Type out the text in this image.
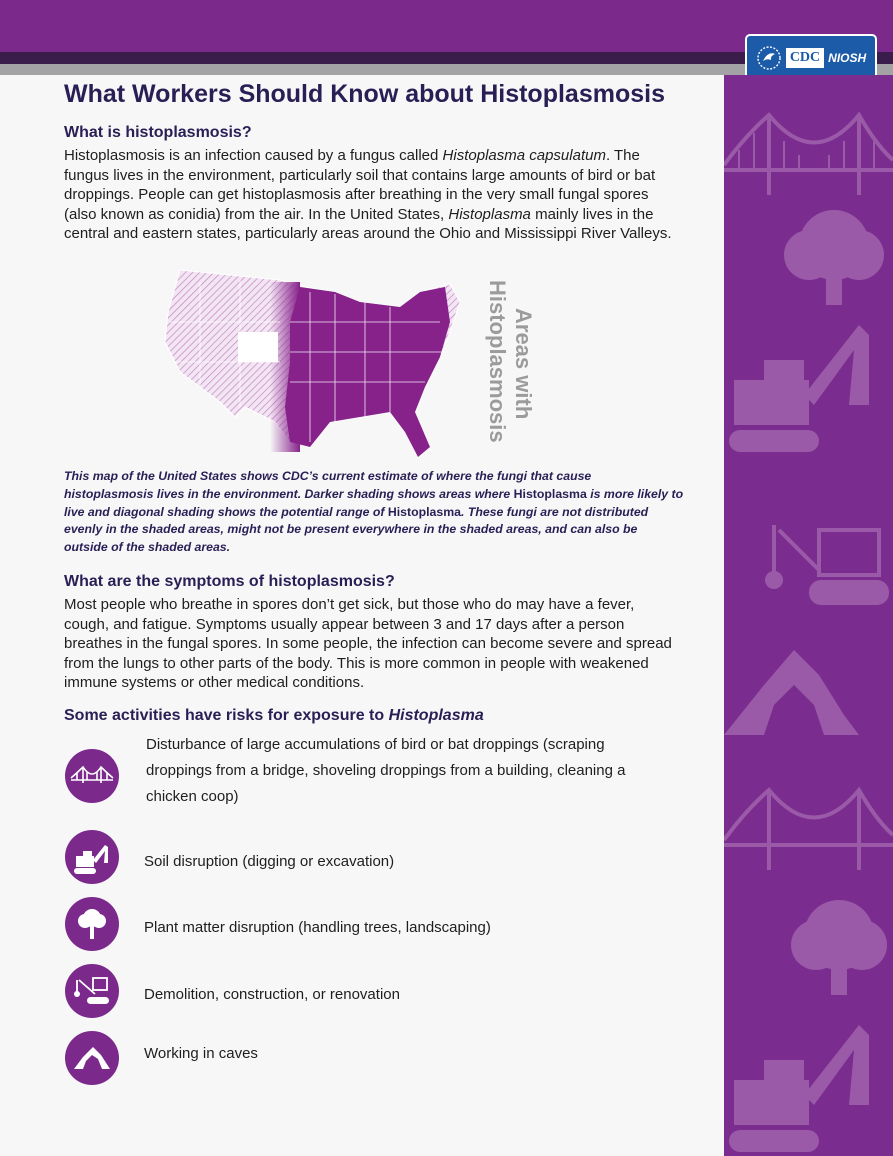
CDC NIOSH
What Workers Should Know about Histoplasmosis
What is histoplasmosis?

Histoplasmosis is an infection caused by a fungus called Histoplasma capsulatum. The fungus lives in the environment, particularly soil that contains large amounts of bird or bat droppings. People can get histoplasmosis after breathing in the very small fungal spores (also known as conidia) from the air. In the United States, Histoplasma mainly lives in the central and eastern states, particularly areas around the Ohio and Mississippi River Valleys.

Areas with
Histoplasmosis

This map of the United States shows CDC’s current estimate of where the fungi that cause histoplasmosis lives in the environment. Darker shading shows areas where Histoplasma is more likely to live and diagonal shading shows the potential range of Histoplasma. These fungi are not distributed evenly in the shaded areas, might not be present everywhere in the shaded areas, and can also be outside of the shaded areas.

What are the symptoms of histoplasmosis?

Most people who breathe in spores don’t get sick, but those who do may have a fever, cough, and fatigue. Symptoms usually appear between 3 and 17 days after a person breathes in the fungal spores. In some people, the infection can become severe and spread from the lungs to other parts of the body. This is more common in people with weakened immune systems or other medical conditions.

Some activities have risks for exposure to Histoplasma

Disturbance of large accumulations of bird or bat droppings (scraping droppings from a bridge, shoveling droppings from a building, cleaning a chicken coop)

Soil disruption (digging or excavation)

Plant matter disruption (handling trees, landscaping)

Demolition, construction, or renovation

Working in caves
